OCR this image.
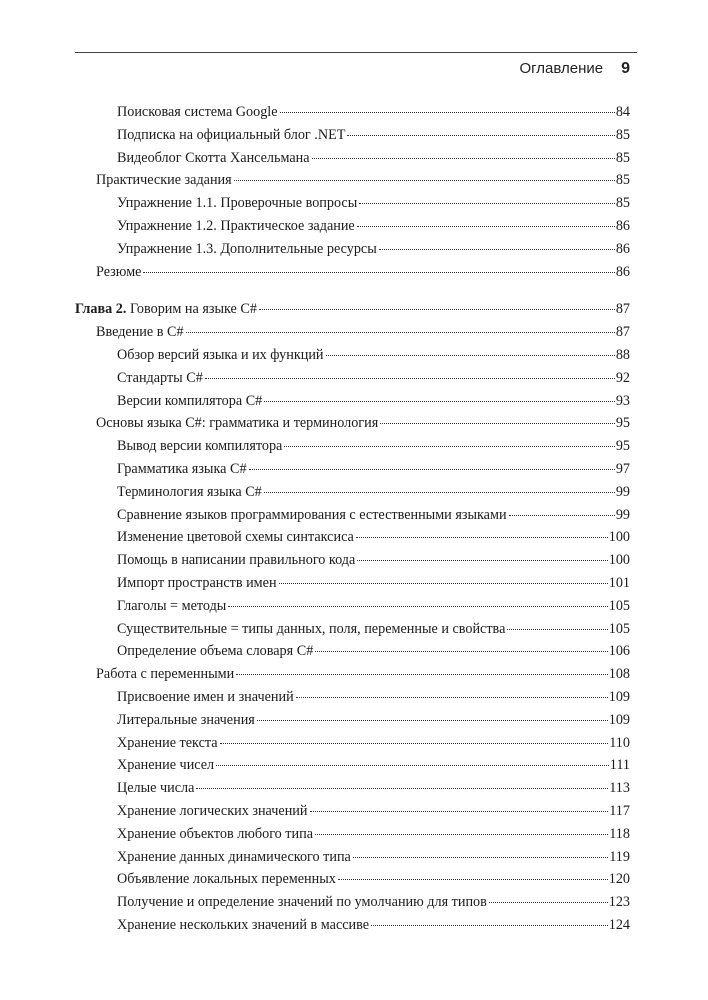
Оглавление 9
Поисковая система Google	84
Подписка на официальный блог .NET	85
Видеоблог Скотта Хансельмана	85
Практические задания	85
Упражнение 1.1. Проверочные вопросы	85
Упражнение 1.2. Практическое задание	86
Упражнение 1.3. Дополнительные ресурсы	86
Резюме	86
Глава 2. Говорим на языке C#	87
Введение в C#	87
Обзор версий языка и их функций	88
Стандарты C#	92
Версии компилятора C#	93
Основы языка C#: грамматика и терминология	95
Вывод версии компилятора	95
Грамматика языка C#	97
Терминология языка C#	99
Сравнение языков программирования с естественными языками	99
Изменение цветовой схемы синтаксиса	100
Помощь в написании правильного кода	100
Импорт пространств имен	101
Глаголы = методы	105
Существительные = типы данных, поля, переменные и свойства	105
Определение объема словаря C#	106
Работа с переменными	108
Присвоение имен и значений	109
Литеральные значения	109
Хранение текста	110
Хранение чисел	111
Целые числа	113
Хранение логических значений	117
Хранение объектов любого типа	118
Хранение данных динамического типа	119
Объявление локальных переменных	120
Получение и определение значений по умолчанию для типов	123
Хранение нескольких значений в массиве	124
